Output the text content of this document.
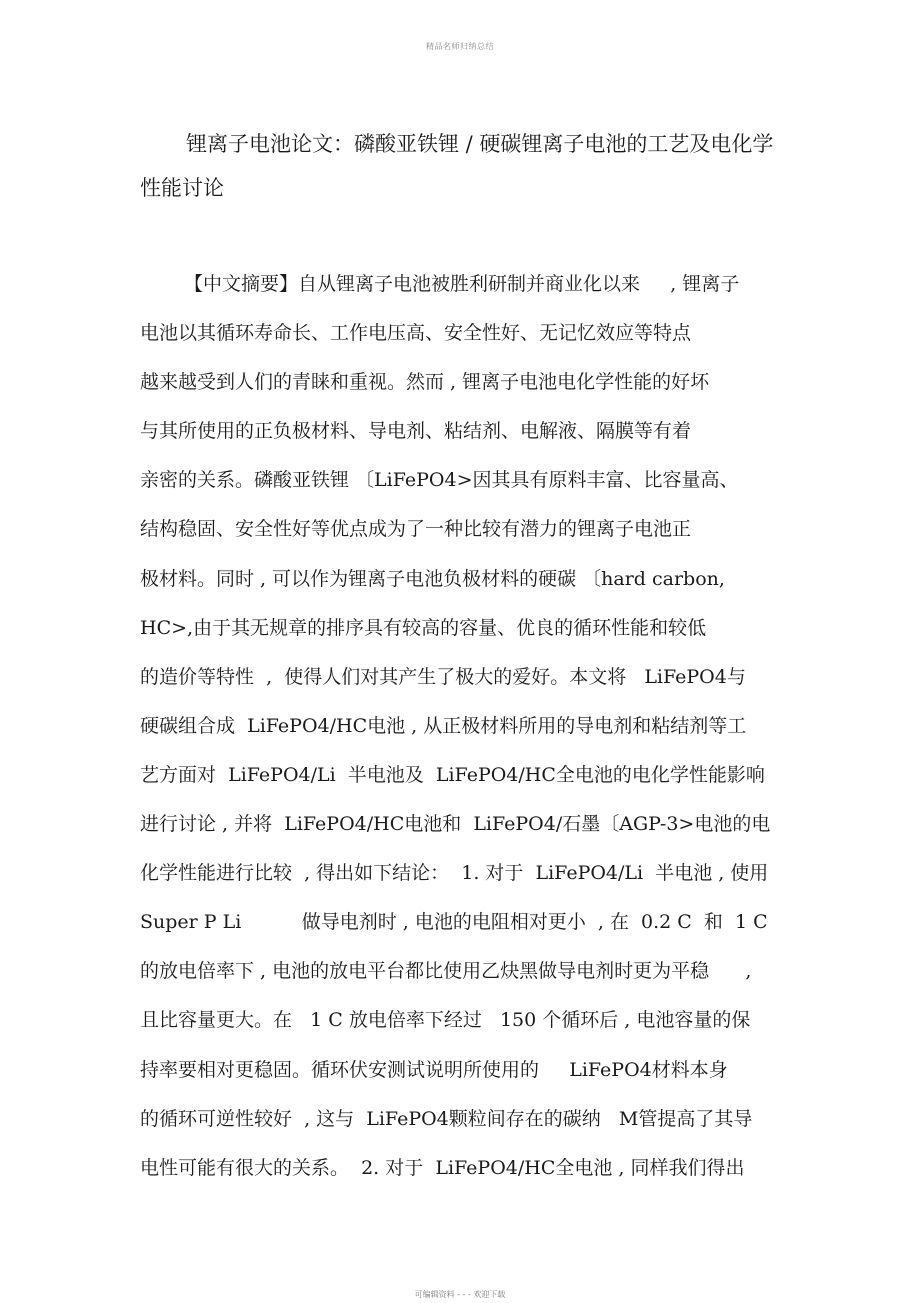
精品名师归纳总结
锂离子电池论文：磷酸亚铁锂 / 硬碳锂离子电池的工艺及电化学性能讨论
【中文摘要】自从锂离子电池被胜利研制并商业化以来     , 锂离子
电池以其循环寿命长、工作电压高、安全性好、无记忆效应等特点
越来越受到人们的青睐和重视。然而 , 锂离子电池电化学性能的好坏
与其所使用的正负极材料、导电剂、粘结剂、电解液、隔膜等有着
亲密的关系。磷酸亚铁锂 〔LiFePO4>因其具有原料丰富、比容量高、
结构稳固、安全性好等优点成为了一种比较有潜力的锂离子电池正
极材料。同时 , 可以作为锂离子电池负极材料的硬碳 〔hard carbon,
HC>,由于其无规章的排序具有较高的容量、优良的循环性能和较低
的造价等特性  ,  使得人们对其产生了极大的爱好。本文将   LiFePO4与
硬碳组合成  LiFePO4/HC电池 , 从正极材料所用的导电剂和粘结剂等工
艺方面对  LiFePO4/Li  半电池及  LiFePO4/HC全电池的电化学性能影响
进行讨论 , 并将  LiFePO4/HC电池和  LiFePO4/石墨〔AGP-3>电池的电
化学性能进行比较  , 得出如下结论：  1. 对于  LiFePO4/Li  半电池 , 使用
Super P Li          做导电剂时 , 电池的电阻相对更小  , 在  0.2 C  和  1 C
的放电倍率下 , 电池的放电平台都比使用乙炔黑做导电剂时更为平稳      ,
且比容量更大。在   1 C 放电倍率下经过   150 个循环后 , 电池容量的保
持率要相对更稳固。循环伏安测试说明所使用的     LiFePO4材料本身
的循环可逆性较好  , 这与  LiFePO4颗粒间存在的碳纳   M管提高了其导
电性可能有很大的关系。  2. 对于  LiFePO4/HC全电池 , 同样我们得出
可编辑资料 - - - 欢迎下载
